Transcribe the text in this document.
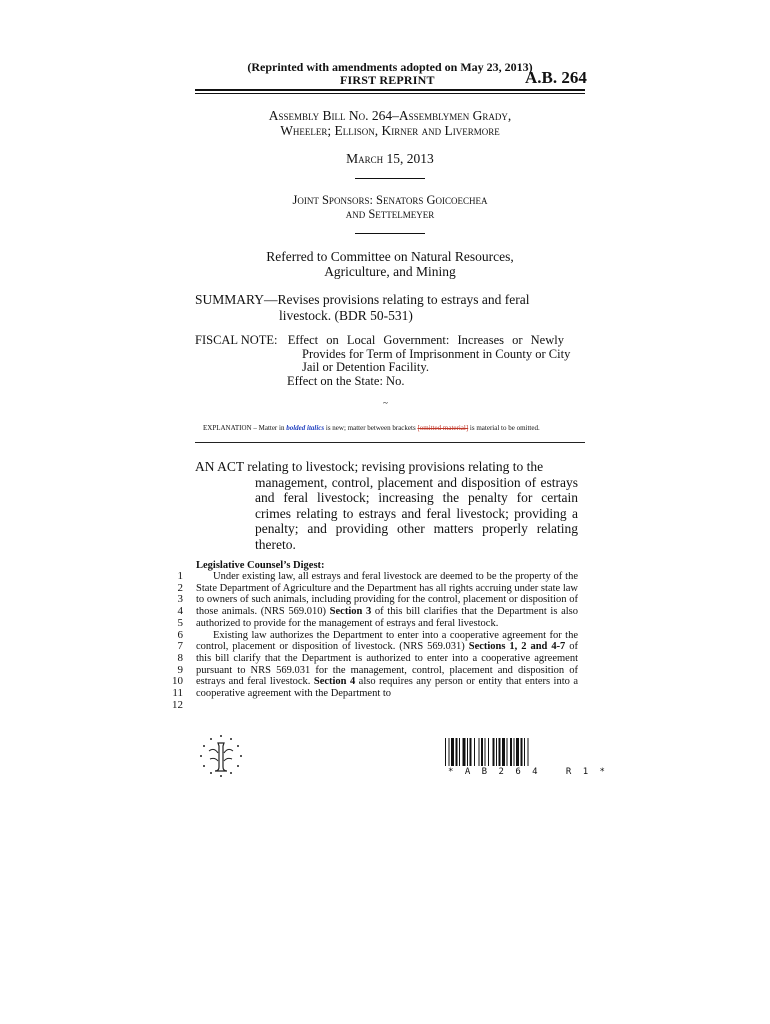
(Reprinted with amendments adopted on May 23, 2013)
FIRST REPRINT	A.B. 264
Assembly Bill No. 264–Assemblymen Grady,
Wheeler; Ellison, Kirner and Livermore
March 15, 2013
Joint Sponsors: Senators Goicoechea
and Settelmeyer
Referred to Committee on Natural Resources,
Agriculture, and Mining
SUMMARY—Revises provisions relating to estrays and feral
livestock. (BDR 50-531)
FISCAL NOTE: Effect on Local Government: Increases or Newly
Provides for Term of Imprisonment in County or City
Jail or Detention Facility.
Effect on the State: No.
~
EXPLANATION – Matter in bolded italics is new; matter between brackets [omitted material] is material to be omitted.
AN ACT relating to livestock; revising provisions relating to the
management, control, placement and disposition of estrays and feral livestock; increasing the penalty for certain crimes relating to estrays and feral livestock; providing a penalty; and providing other matters properly relating thereto.
Legislative Counsel’s Digest:
1
2
3
4
5
6
7
8
9
10
11
12

Under existing law, all estrays and feral livestock are deemed to be the property of the State Department of Agriculture and the Department has all rights accruing under state law to owners of such animals, including providing for the control, placement or disposition of those animals. (NRS 569.010) Section 3 of this bill clarifies that the Department is also authorized to provide for the management of estrays and feral livestock.

Existing law authorizes the Department to enter into a cooperative agreement for the control, placement or disposition of livestock. (NRS 569.031) Sections 1, 2 and 4-7 of this bill clarify that the Department is authorized to enter into a cooperative agreement pursuant to NRS 569.031 for the management, control, placement and disposition of estrays and feral livestock. Section 4 also requires any person or entity that enters into a cooperative agreement with the Department to

* A B 2 6 4   R 1 *
